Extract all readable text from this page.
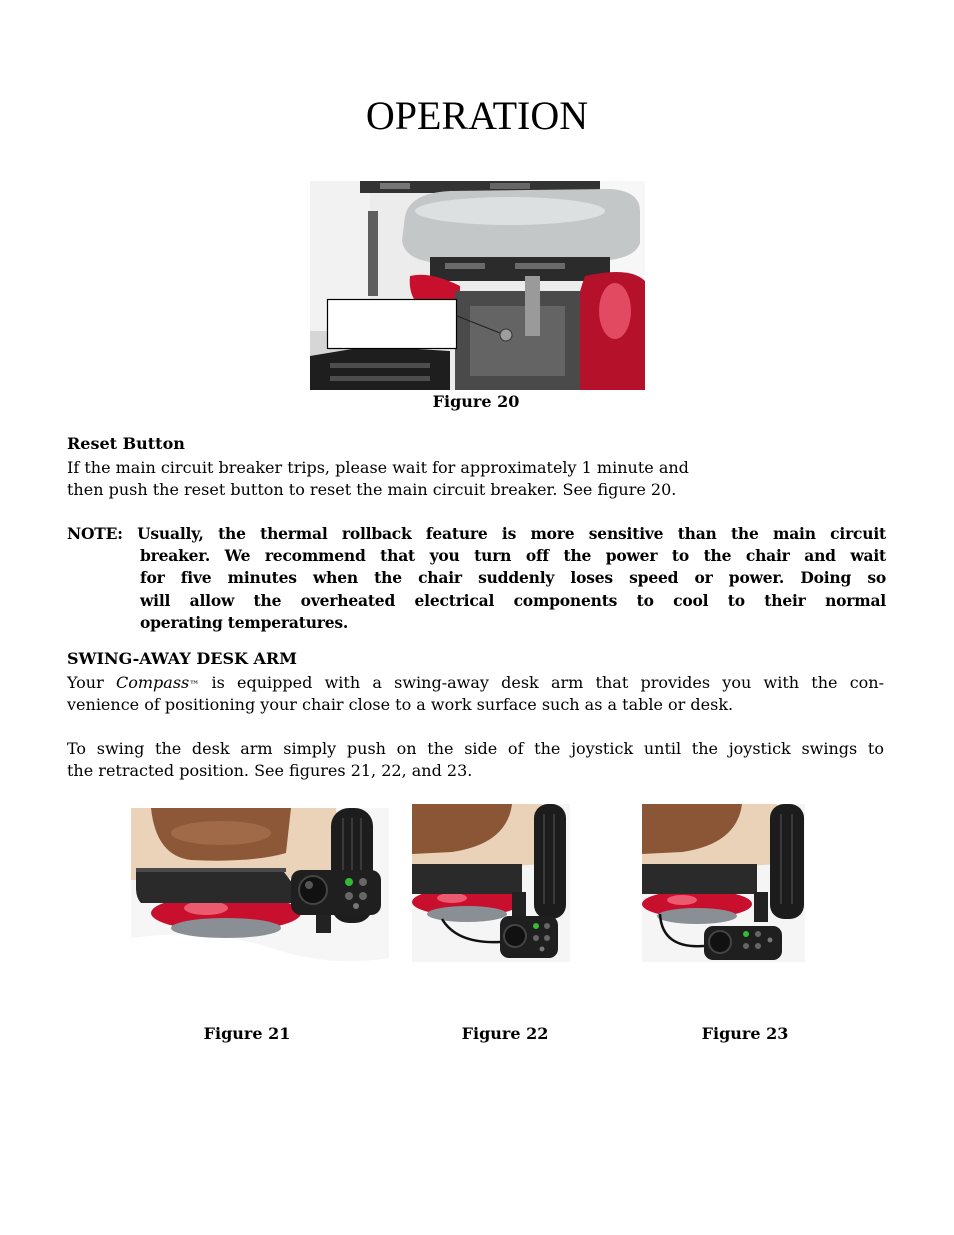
OPERATION
Figure 20
Reset Button
If the main circuit breaker trips, please wait for approximately 1 minute and
then push the reset button to reset the main circuit breaker. See figure 20.
NOTE: Usually, the thermal rollback feature is more sensitive than the main circuit
breaker. We recommend that you turn off the power to the chair and wait
for five minutes when the chair suddenly loses speed or power. Doing so
will allow the overheated electrical components to cool to their normal
operating temperatures.
SWING-AWAY DESK ARM
Your Compass™ is equipped with a swing-away desk arm that provides you with the con-
venience of positioning your chair close to a work surface such as a table or desk.
To swing the desk arm simply push on the side of the joystick until the joystick swings to
the retracted position. See figures 21, 22, and 23.
Figure 21	Figure 22	Figure 23
